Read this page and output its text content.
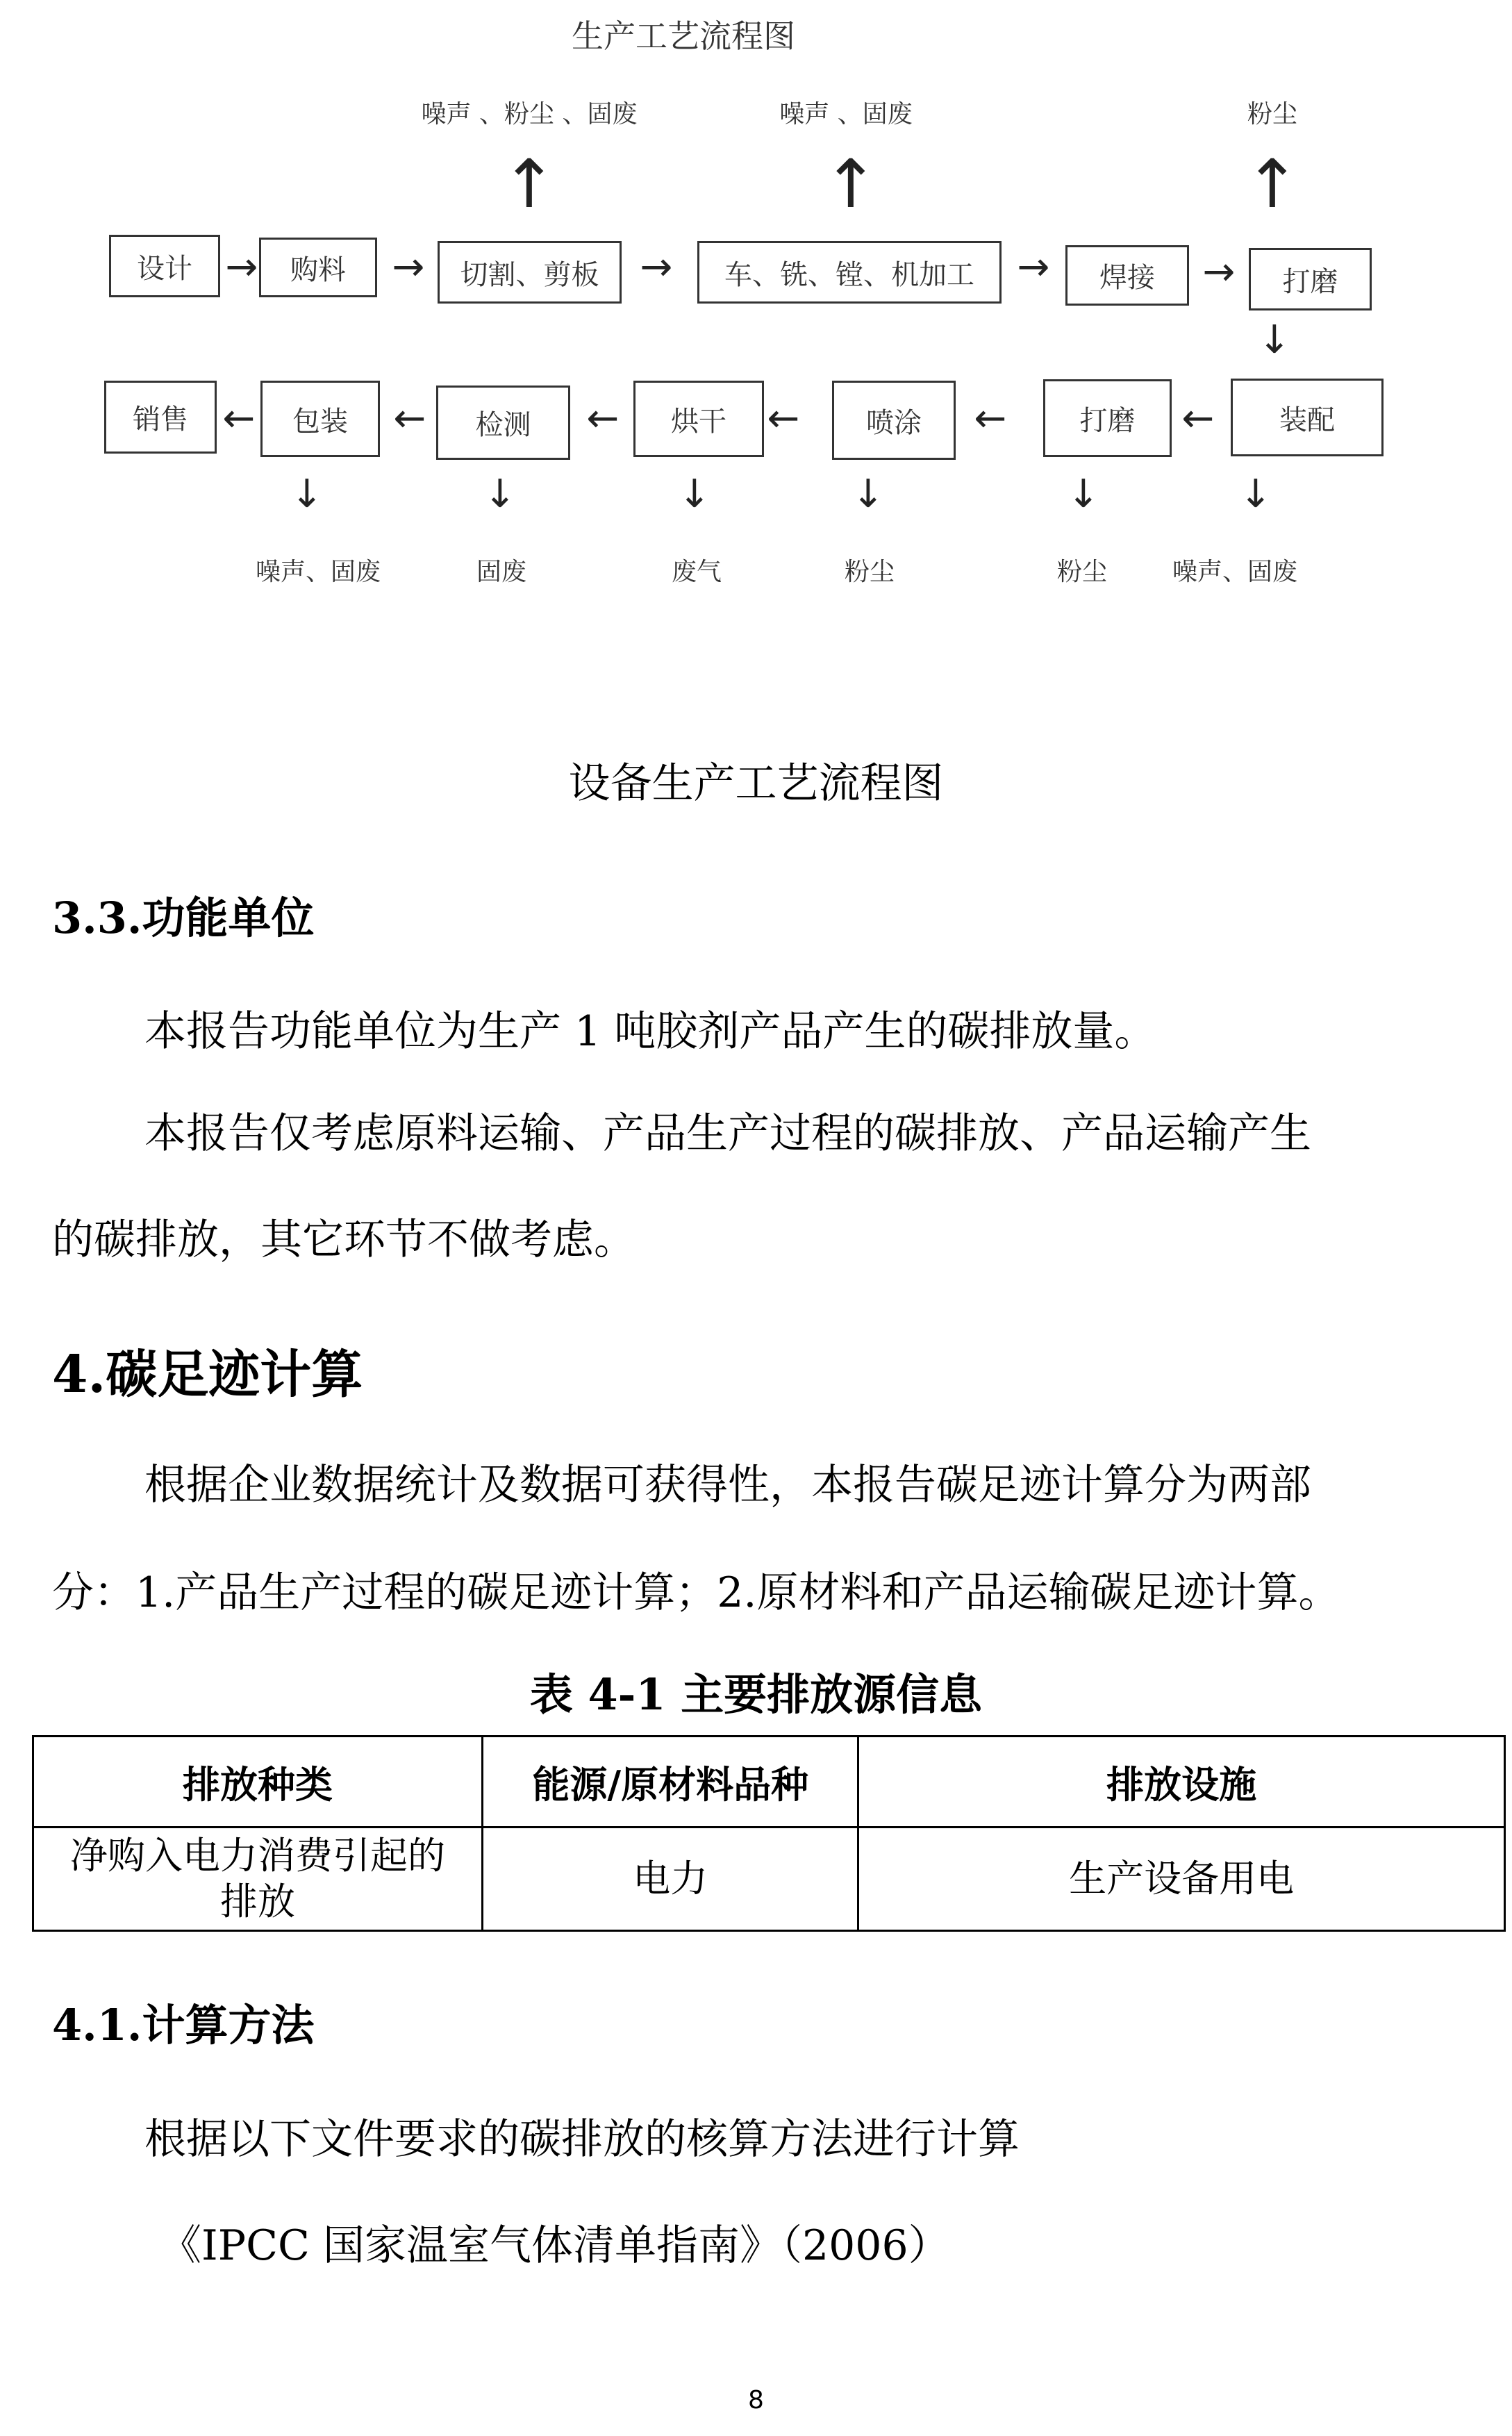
生产工艺流程图
噪声 、粉尘 、固废	噪声 、固废	粉尘
↑	↑	↑
设计	购料	切割、剪板	车、铣、镗、机加工	焊接	打磨
→	→	→	→	→
↓
销售	包装	检测	烘干	喷涂	打磨	装配
←	←	←	←	←	←
↓	↓	↓	↓	↓	↓
噪声、固废	固废	废气	粉尘	粉尘	噪声、固废
设备生产工艺流程图
3.3.功能单位
本报告功能单位为生产 1 吨胶剂产品产生的碳排放量。
本报告仅考虑原料运输、产品生产过程的碳排放、产品运输产生
的碳排放，其它环节不做考虑。
4.碳足迹计算
根据企业数据统计及数据可获得性，本报告碳足迹计算分为两部
分：1.产品生产过程的碳足迹计算；2.原材料和产品运输碳足迹计算。
表 4-1 主要排放源信息
排放种类	能源/原材料品种	排放设施

净购入电力消费引起的
排放	电力	生产设备用电
4.1.计算方法
根据以下文件要求的碳排放的核算方法进行计算
《IPCC 国家温室气体清单指南》（2006）
8
